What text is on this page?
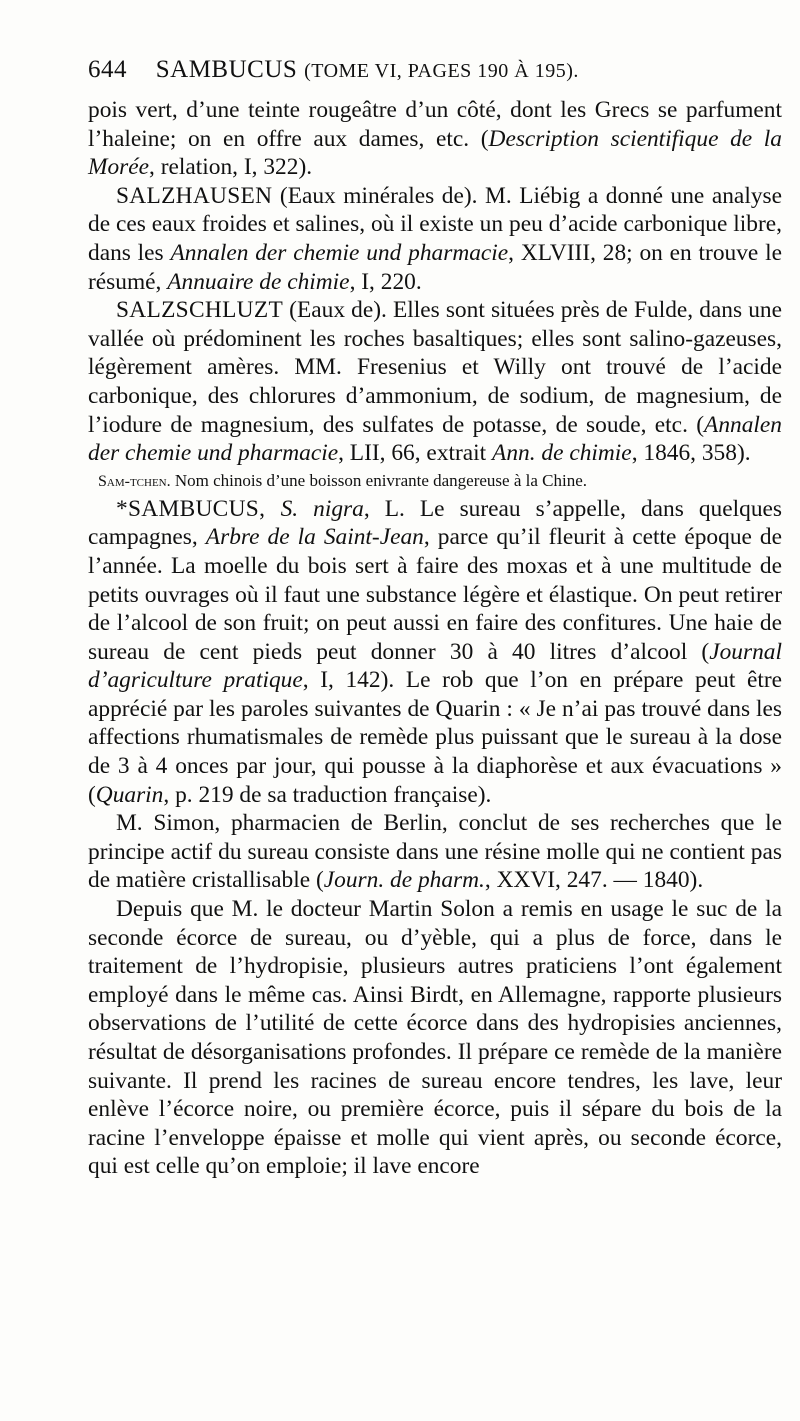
644 SAMBUCUS (TOME VI, PAGES 190 À 195).

pois vert, d’une teinte rougeâtre d’un côté, dont les Grecs se parfument l’haleine; on en offre aux dames, etc. (Description scientifique de la Morée, relation, I, 322).

SALZHAUSEN (Eaux minérales de). M. Liébig a donné une analyse de ces eaux froides et salines, où il existe un peu d’acide carbonique libre, dans les Annalen der chemie und pharmacie, XLVIII, 28; on en trouve le résumé, Annuaire de chimie, I, 220.

SALZSCHLUZT (Eaux de). Elles sont situées près de Fulde, dans une vallée où prédominent les roches basaltiques; elles sont salino-gazeuses, légèrement amères. MM. Fresenius et Willy ont trouvé de l’acide carbonique, des chlorures d’ammonium, de sodium, de magnesium, de l’iodure de magnesium, des sulfates de potasse, de soude, etc. (Annalen der chemie und pharmacie, LII, 66, extrait Ann. de chimie, 1846, 358).

Sam-tchen. Nom chinois d’une boisson enivrante dangereuse à la Chine.

*SAMBUCUS, S. nigra, L. Le sureau s’appelle, dans quelques campagnes, Arbre de la Saint-Jean, parce qu’il fleurit à cette époque de l’année. La moelle du bois sert à faire des moxas et à une multitude de petits ouvrages où il faut une substance légère et élastique. On peut retirer de l’alcool de son fruit; on peut aussi en faire des confitures. Une haie de sureau de cent pieds peut donner 30 à 40 litres d’alcool (Journal d’agriculture pratique, I, 142). Le rob que l’on en prépare peut être apprécié par les paroles suivantes de Quarin : « Je n’ai pas trouvé dans les affections rhumatismales de remède plus puissant que le sureau à la dose de 3 à 4 onces par jour, qui pousse à la diaphorèse et aux évacuations » (Quarin, p. 219 de sa traduction française).

M. Simon, pharmacien de Berlin, conclut de ses recherches que le principe actif du sureau consiste dans une résine molle qui ne contient pas de matière cristallisable (Journ. de pharm., XXVI, 247. — 1840).

Depuis que M. le docteur Martin Solon a remis en usage le suc de la seconde écorce de sureau, ou d’yèble, qui a plus de force, dans le traitement de l’hydropisie, plusieurs autres praticiens l’ont également employé dans le même cas. Ainsi Birdt, en Allemagne, rapporte plusieurs observations de l’utilité de cette écorce dans des hydropisies anciennes, résultat de désorganisations profondes. Il prépare ce remède de la manière suivante. Il prend les racines de sureau encore tendres, les lave, leur enlève l’écorce noire, ou première écorce, puis il sépare du bois de la racine l’enveloppe épaisse et molle qui vient après, ou seconde écorce, qui est celle qu’on emploie; il lave encore
